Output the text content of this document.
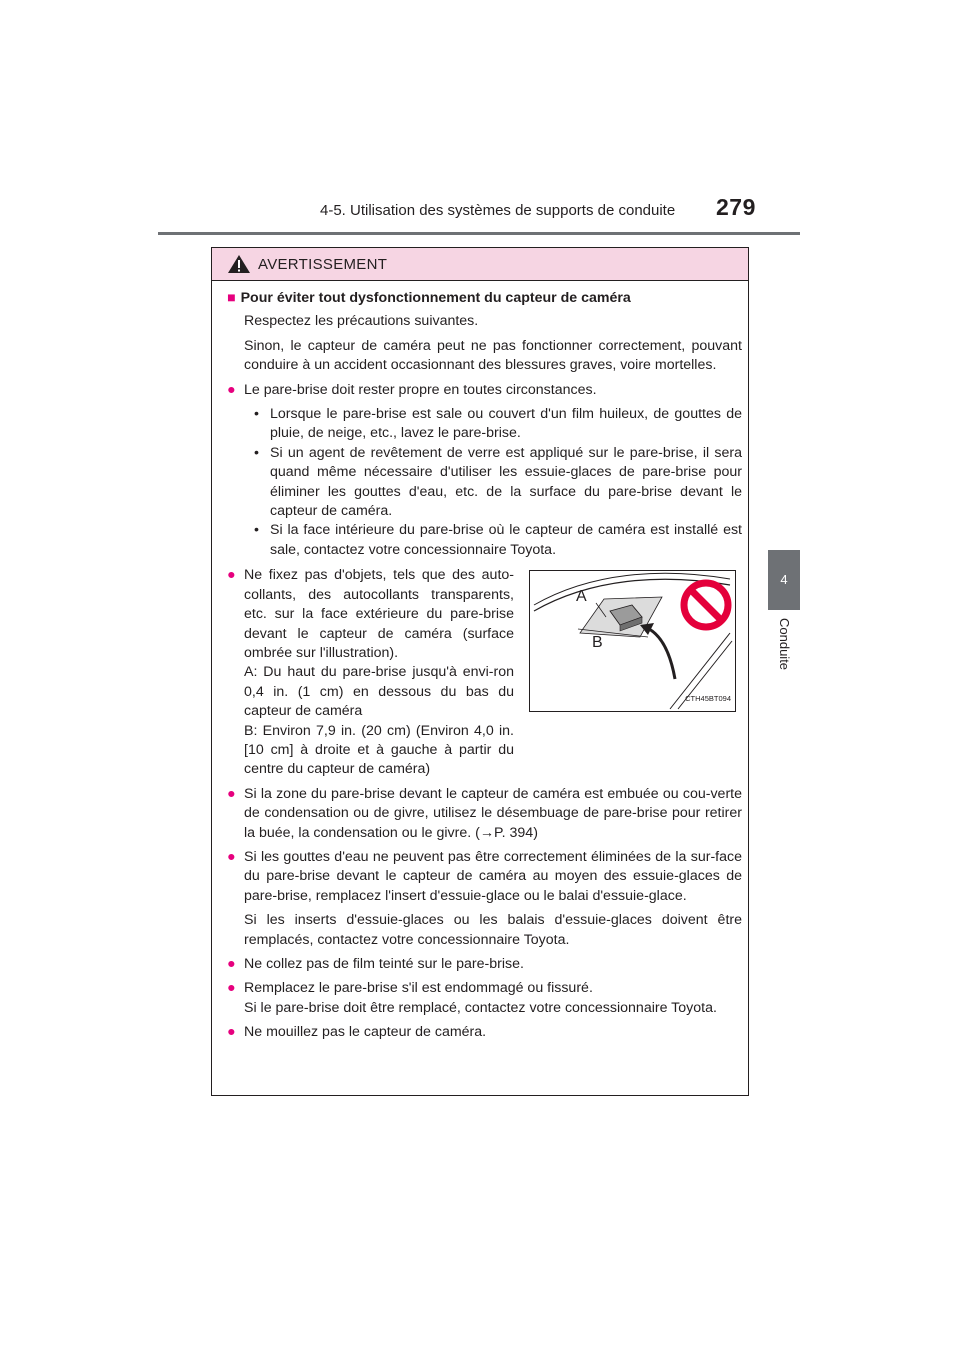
4-5. Utilisation des systèmes de supports de conduite 279
4
Conduite
AVERTISSEMENT
■ Pour éviter tout dysfonctionnement du capteur de caméra
Respectez les précautions suivantes.
Sinon, le capteur de caméra peut ne pas fonctionner correctement, pouvant conduire à un accident occasionnant des blessures graves, voire mortelles.
● Le pare-brise doit rester propre en toutes circonstances.
• Lorsque le pare-brise est sale ou couvert d'un film huileux, de gouttes de pluie, de neige, etc., lavez le pare-brise.
• Si un agent de revêtement de verre est appliqué sur le pare-brise, il sera quand même nécessaire d'utiliser les essuie-glaces de pare-brise pour éliminer les gouttes d'eau, etc. de la surface du pare-brise devant le capteur de caméra.
• Si la face intérieure du pare-brise où le capteur de caméra est installé est sale, contactez votre concessionnaire Toyota.
● Ne fixez pas d'objets, tels que des auto-collants, des autocollants transparents, etc. sur la face extérieure du pare-brise devant le capteur de caméra (surface ombrée sur l'illustration).
A: Du haut du pare-brise jusqu'à envi-ron 0,4 in. (1 cm) en dessous du bas du capteur de caméra
B: Environ 7,9 in. (20 cm) (Environ 4,0 in. [10 cm] à droite et à gauche à partir du centre du capteur de caméra)
A
B
CTH45BT094
● Si la zone du pare-brise devant le capteur de caméra est embuée ou cou-verte de condensation ou de givre, utilisez le désembuage de pare-brise pour retirer la buée, la condensation ou le givre. (→P. 394)
● Si les gouttes d'eau ne peuvent pas être correctement éliminées de la sur-face du pare-brise devant le capteur de caméra au moyen des essuie-glaces de pare-brise, remplacez l'insert d'essuie-glace ou le balai d'essuie-glace.
Si les inserts d'essuie-glaces ou les balais d'essuie-glaces doivent être remplacés, contactez votre concessionnaire Toyota.
● Ne collez pas de film teinté sur le pare-brise.
● Remplacez le pare-brise s'il est endommagé ou fissuré.
Si le pare-brise doit être remplacé, contactez votre concessionnaire Toyota.
● Ne mouillez pas le capteur de caméra.
